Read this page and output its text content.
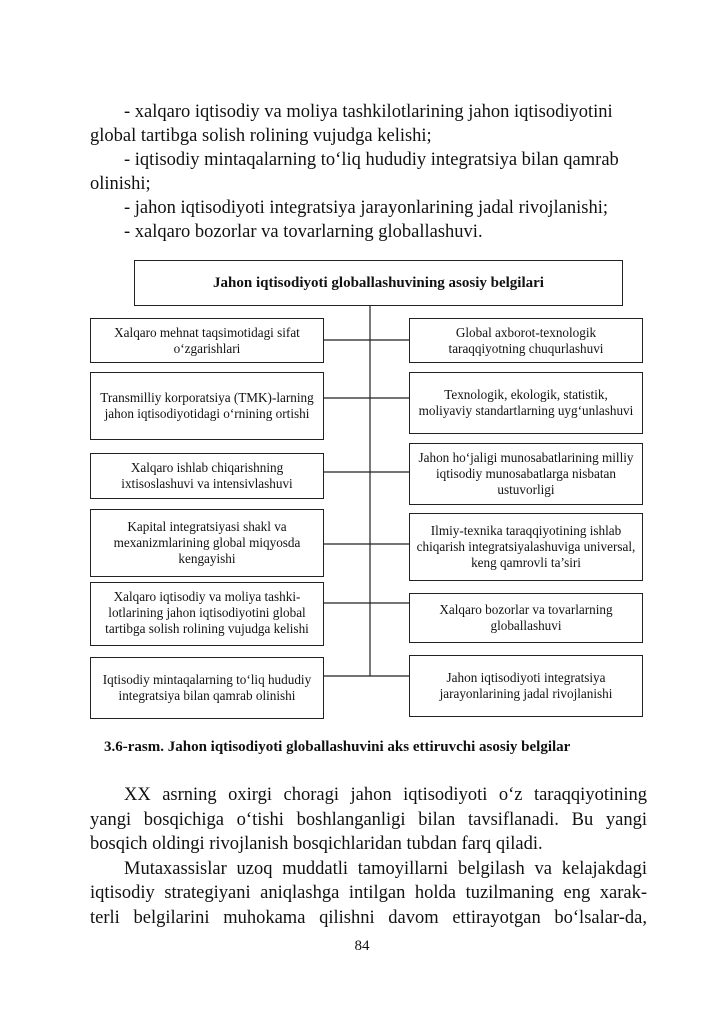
- xalqaro iqtisodiy va moliya tashkilotlarining jahon iqtisodiyotini
global tartibga solish rolining vujudga kelishi;
- iqtisodiy mintaqalarning to‘liq hududiy integratsiya bilan qamrab
olinishi;
- jahon iqtisodiyoti integratsiya jarayonlarining jadal rivojlanishi;
- xalqaro bozorlar va tovarlarning globallashuvi.
Jahon iqtisodiyoti globallashuvining asosiy belgilari
Xalqaro mehnat taqsimotidagi sifat o‘zgarishlari
Transmilliy korporatsiya (TMK)-larning jahon iqtisodiyotidagi o‘rnining ortishi
Xalqaro ishlab chiqarishning ixtisoslashuvi va intensivlashuvi
Kapital integratsiyasi shakl va mexanizmlarining global miqyosda kengayishi
Xalqaro iqtisodiy va moliya tashki-lotlarining jahon iqtisodiyotini global tartibga solish rolining vujudga kelishi
Iqtisodiy mintaqalarning to‘liq hududiy integratsiya bilan qamrab olinishi
Global axborot-texnologik taraqqiyotning chuqurlashuvi
Texnologik, ekologik, statistik, moliyaviy standartlarning uyg‘unlashuvi
Jahon ho‘jaligi munosabatlarining milliy iqtisodiy munosabatlarga nisbatan ustuvorligi
Ilmiy-texnika taraqqiyotining ishlab chiqarish integratsiyalashuviga universal, keng qamrovli ta’siri
Xalqaro bozorlar va tovarlarning globallashuvi
Jahon iqtisodiyoti integratsiya jarayonlarining jadal rivojlanishi
3.6-rasm. Jahon iqtisodiyoti globallashuvini aks ettiruvchi asosiy belgilar
XX asrning oxirgi choragi jahon iqtisodiyoti o‘z taraqqiyotining
yangi bosqichiga o‘tishi boshlanganligi bilan tavsiflanadi. Bu yangi
bosqich oldingi rivojlanish bosqichlaridan tubdan farq qiladi.
Mutaxassislar uzoq muddatli tamoyillarni belgilash va kelajakdagi
iqtisodiy strategiyani aniqlashga intilgan holda tuzilmaning eng xarak-
terli belgilarini muhokama qilishni davom ettirayotgan bo‘lsalar-da,
84
